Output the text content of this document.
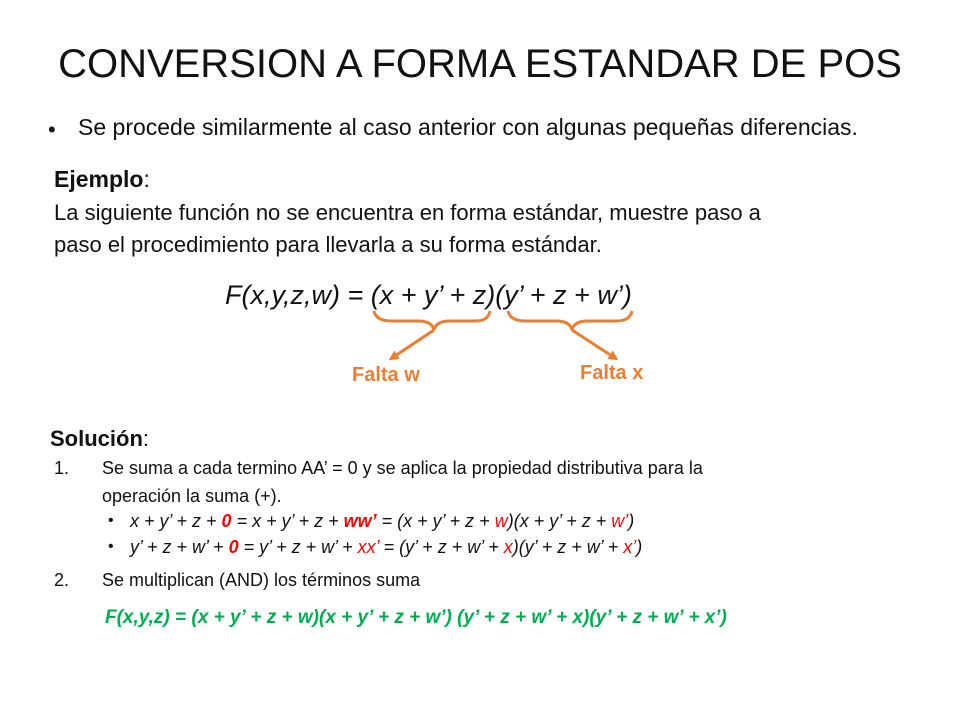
CONVERSION A FORMA ESTANDAR DE POS
• Se procede similarmente al caso anterior con algunas pequeñas diferencias.
Ejemplo:
La siguiente función no se encuentra en forma estándar, muestre paso a
paso el procedimiento para llevarla a su forma estándar.
F(x,y,z,w) = (x + y’ + z)(y’ + z + w’)
Falta w	Falta x
Solución:
1. Se suma a cada termino AA’ = 0 y se aplica la propiedad distributiva para la
operación la suma (+).
• x + y’ + z + 0 = x + y’ + z + ww’ = (x + y’ + z + w)(x + y’ + z + w’)
• y’ + z + w’ + 0 = y’ + z + w’ + xx’ = (y’ + z + w’ + x)(y’ + z + w’ + x’)
2. Se multiplican (AND) los términos suma
F(x,y,z) = (x + y’ + z + w)(x + y’ + z + w’) (y’ + z + w’ + x)(y’ + z + w’ + x’)
